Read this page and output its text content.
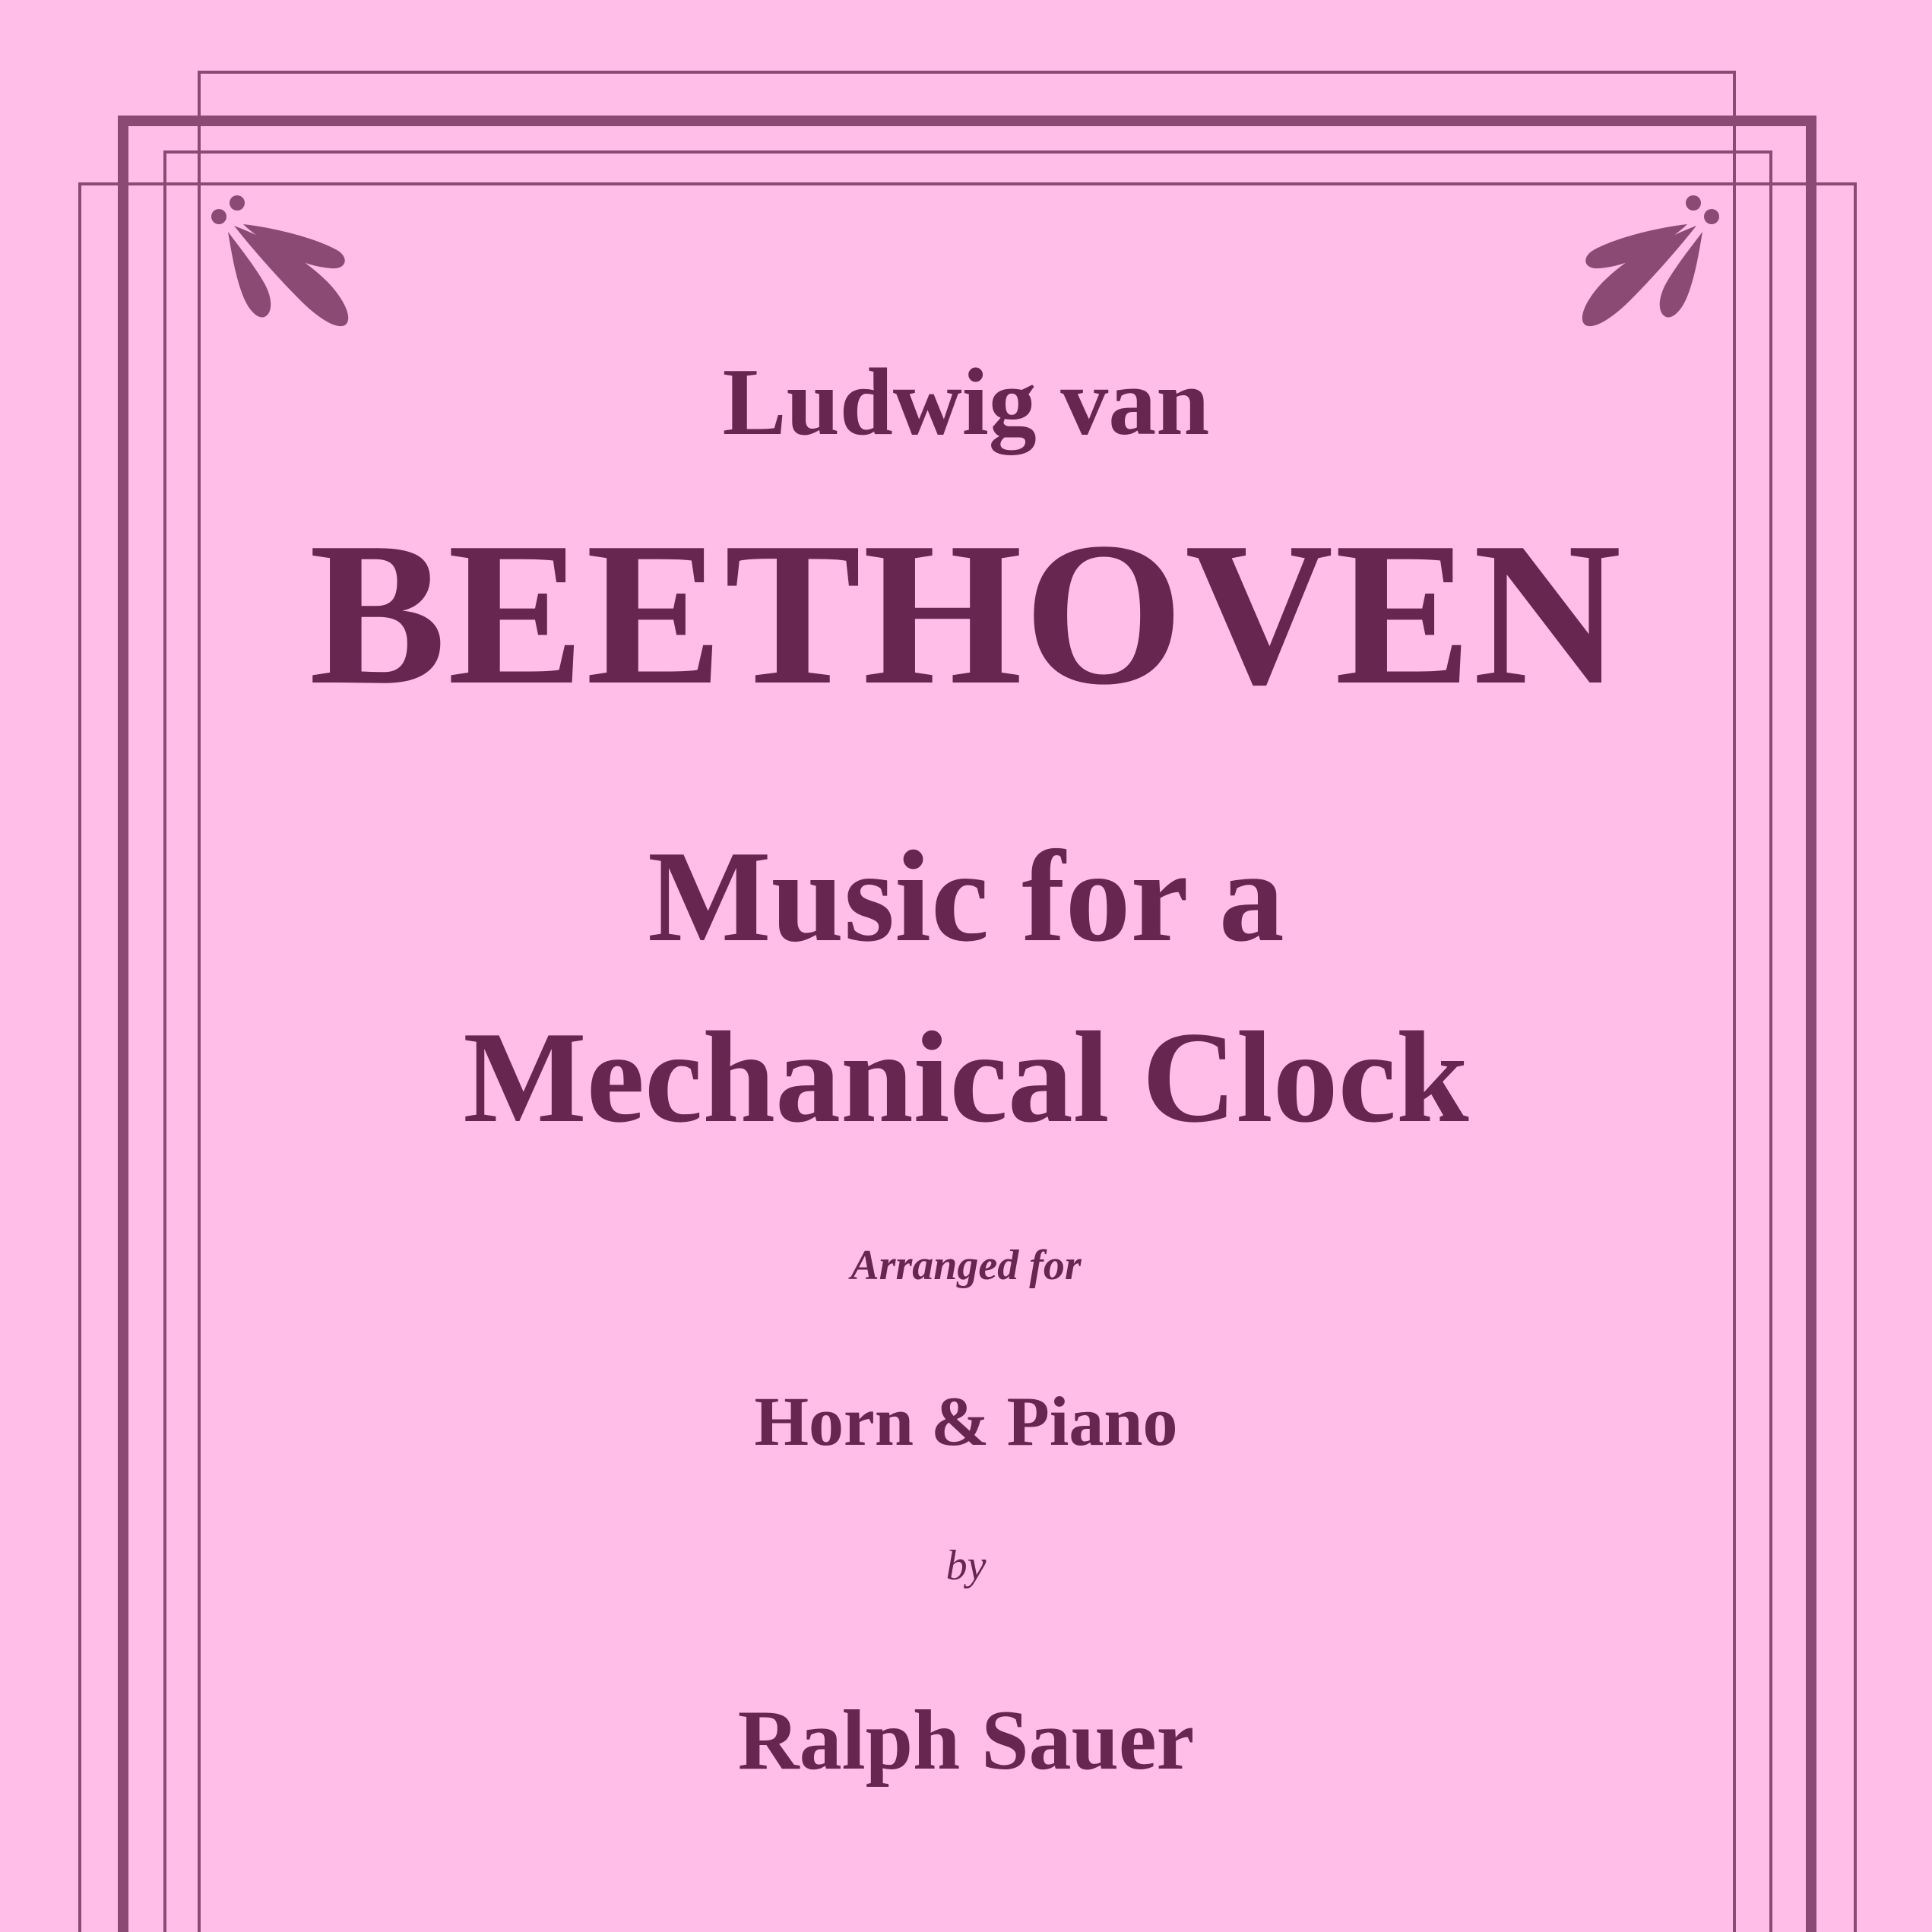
Ludwig van
BEETHOVEN
Music for a
Mechanical Clock
Arranged for
Horn & Piano
by
Ralph Sauer
